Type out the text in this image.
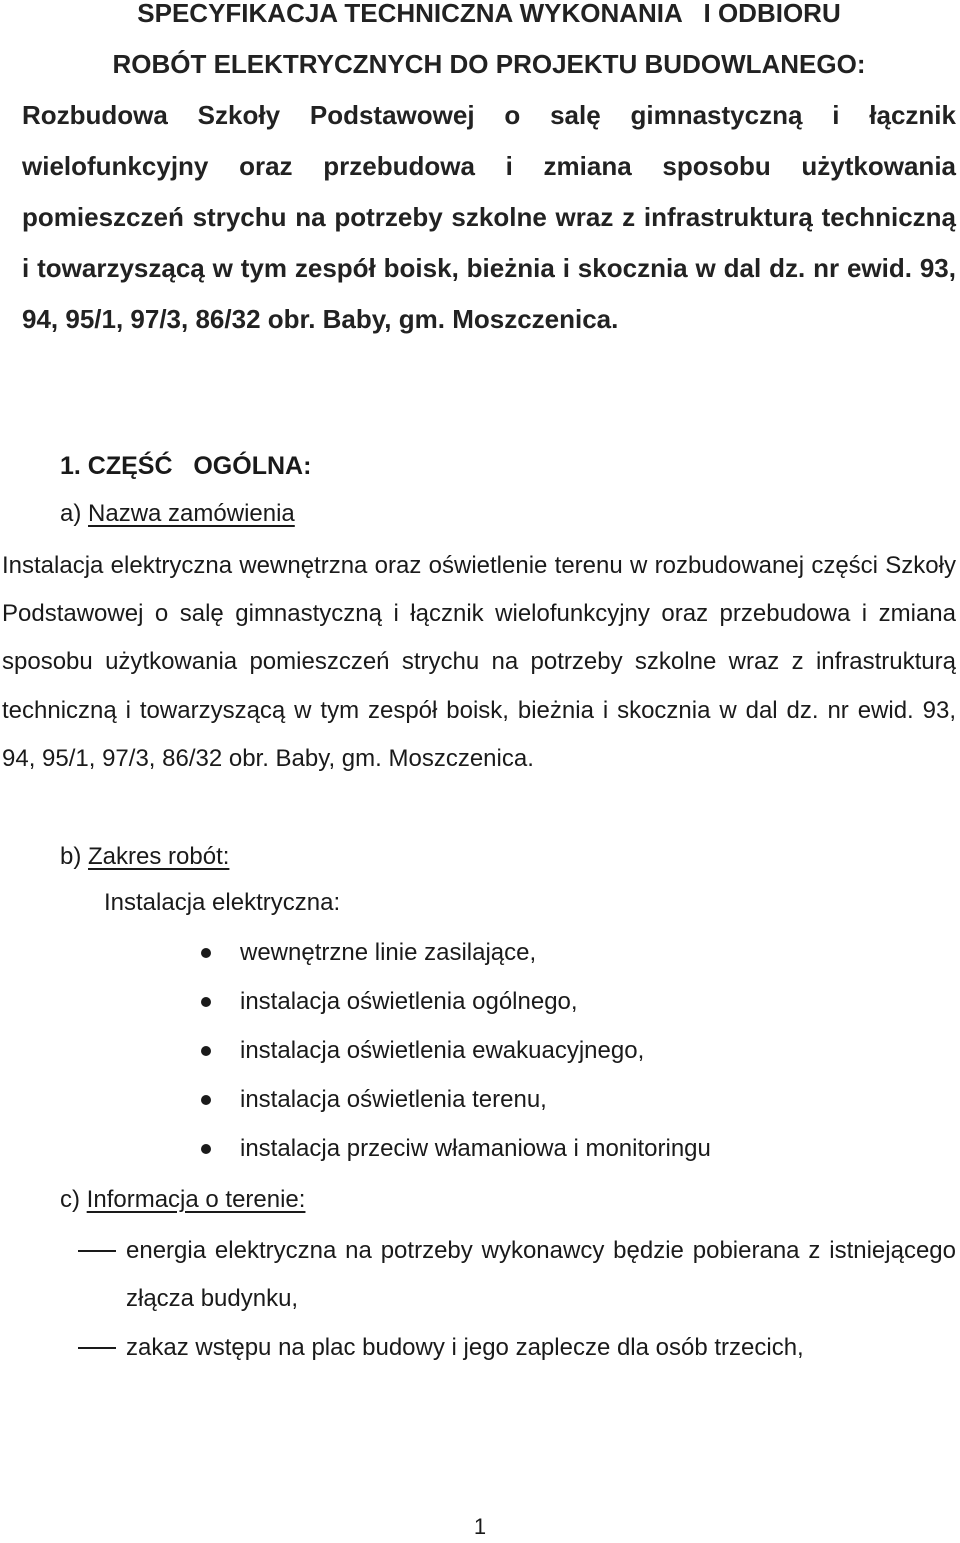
SPECYFIKACJA TECHNICZNA WYKONANIA   I ODBIORU
ROBÓT ELEKTRYCZNYCH DO PROJEKTU BUDOWLANEGO:
Rozbudowa Szkoły Podstawowej o salę gimnastyczną i łącznik wielofunkcyjny oraz przebudowa i zmiana sposobu użytkowania pomieszczeń strychu na potrzeby szkolne wraz z infrastrukturą techniczną i towarzyszącą w tym zespół boisk, bieżnia i skocznia w dal dz. nr ewid. 93, 94, 95/1, 97/3, 86/32 obr. Baby, gm. Moszczenica.
1. CZĘŚĆ   OGÓLNA:
a) Nazwa zamówienia
Instalacja elektryczna wewnętrzna oraz oświetlenie terenu w rozbudowanej części Szkoły Podstawowej o salę gimnastyczną i łącznik wielofunkcyjny oraz przebudowa i zmiana sposobu użytkowania pomieszczeń strychu na potrzeby szkolne wraz z infrastrukturą techniczną i towarzyszącą w tym zespół boisk, bieżnia i skocznia w dal dz. nr ewid. 93, 94, 95/1, 97/3, 86/32 obr. Baby, gm. Moszczenica.
b) Zakres robót:
Instalacja elektryczna:
wewnętrzne linie zasilające,
instalacja oświetlenia ogólnego,
instalacja oświetlenia ewakuacyjnego,
instalacja oświetlenia terenu,
instalacja przeciw włamaniowa i monitoringu
c) Informacja o terenie:
energia elektryczna na potrzeby wykonawcy będzie pobierana z istniejącego złącza budynku,
zakaz wstępu na plac budowy i jego zaplecze dla osób trzecich,
1
